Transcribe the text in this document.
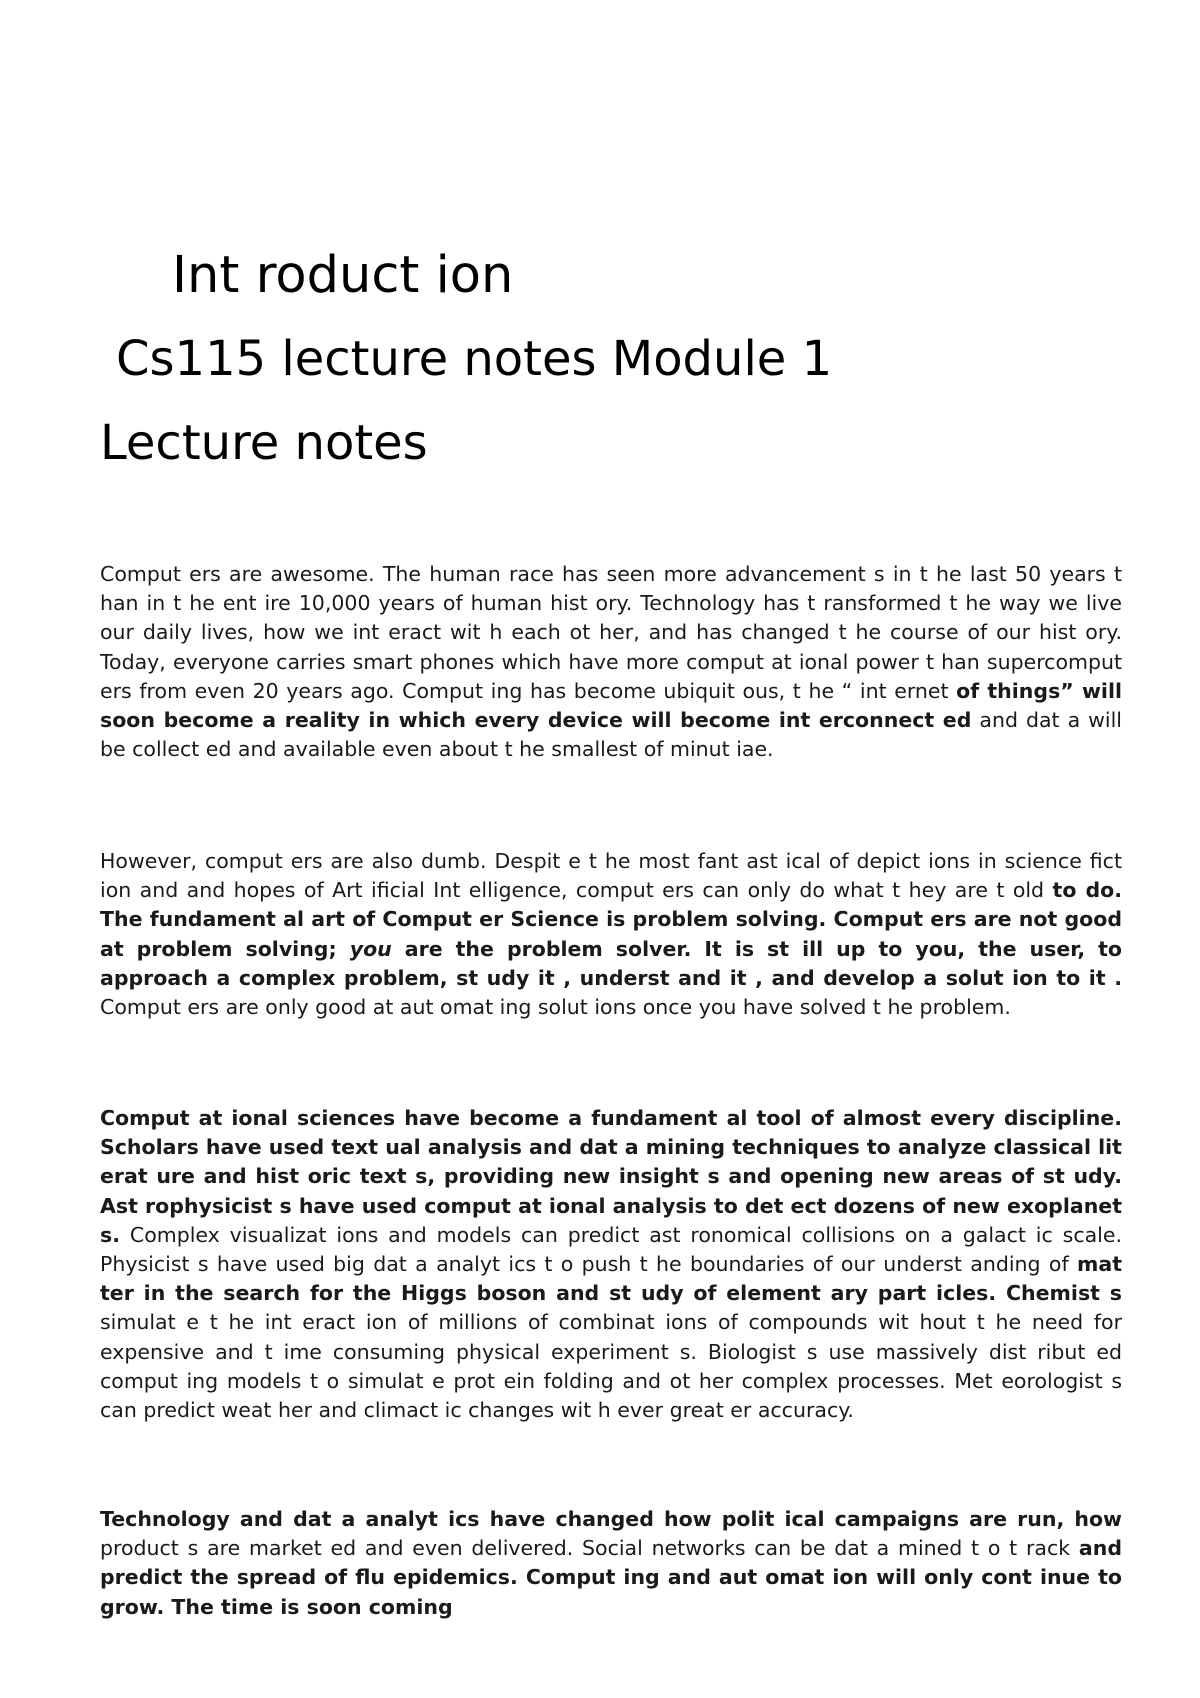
Int roduct ion
Cs115 lecture notes Module 1
Lecture notes

Comput ers are awesome. The human race has seen more advancement s in t he last 50 years t han in t he ent ire 10,000 years of human hist ory. Technology has t ransformed t he way we live our daily lives, how we int eract wit h each ot her, and has changed t he course of our hist ory. Today, everyone carries smart phones which have more comput at ional power t han supercomput ers from even 20 years ago. Comput ing has become ubiquit ous, t he “ int ernet of things” will soon become a reality in which every device will become int erconnect ed and dat a will be collect ed and available even about t he smallest of minut iae.

However, comput ers are also dumb. Despit e t he most fant ast ical of depict ions in science fict ion and and hopes of Art ificial Int elligence, comput ers can only do what t hey are t old to do. The fundament al art of Comput er Science is problem solving. Comput ers are not good at problem solving; you are the problem solver. It is st ill up to you, the user, to approach a complex problem, st udy it , underst and it , and develop a solut ion to it . Comput ers are only good at aut omat ing solut ions once you have solved t he problem.

Comput at ional sciences have become a fundament al tool of almost every discipline. Scholars have used text ual analysis and dat a mining techniques to analyze classical lit erat ure and hist oric text s, providing new insight s and opening new areas of st udy. Ast rophysicist s have used comput at ional analysis to det ect dozens of new exoplanet s. Complex visualizat ions and models can predict ast ronomical collisions on a galact ic scale. Physicist s have used big dat a analyt ics t o push t he boundaries of our underst anding of mat ter in the search for the Higgs boson and st udy of element ary part icles. Chemist s simulat e t he int eract ion of millions of combinat ions of compounds wit hout t he need for expensive and t ime consuming physical experiment s. Biologist s use massively dist ribut ed comput ing models t o simulat e prot ein folding and ot her complex processes. Met eorologist s can predict weat her and climact ic changes wit h ever great er accuracy.

Technology and dat a analyt ics have changed how polit ical campaigns are run, how product s are market ed and even delivered. Social networks can be dat a mined t o t rack and predict the spread of flu epidemics. Comput ing and aut omat ion will only cont inue to grow. The time is soon coming
